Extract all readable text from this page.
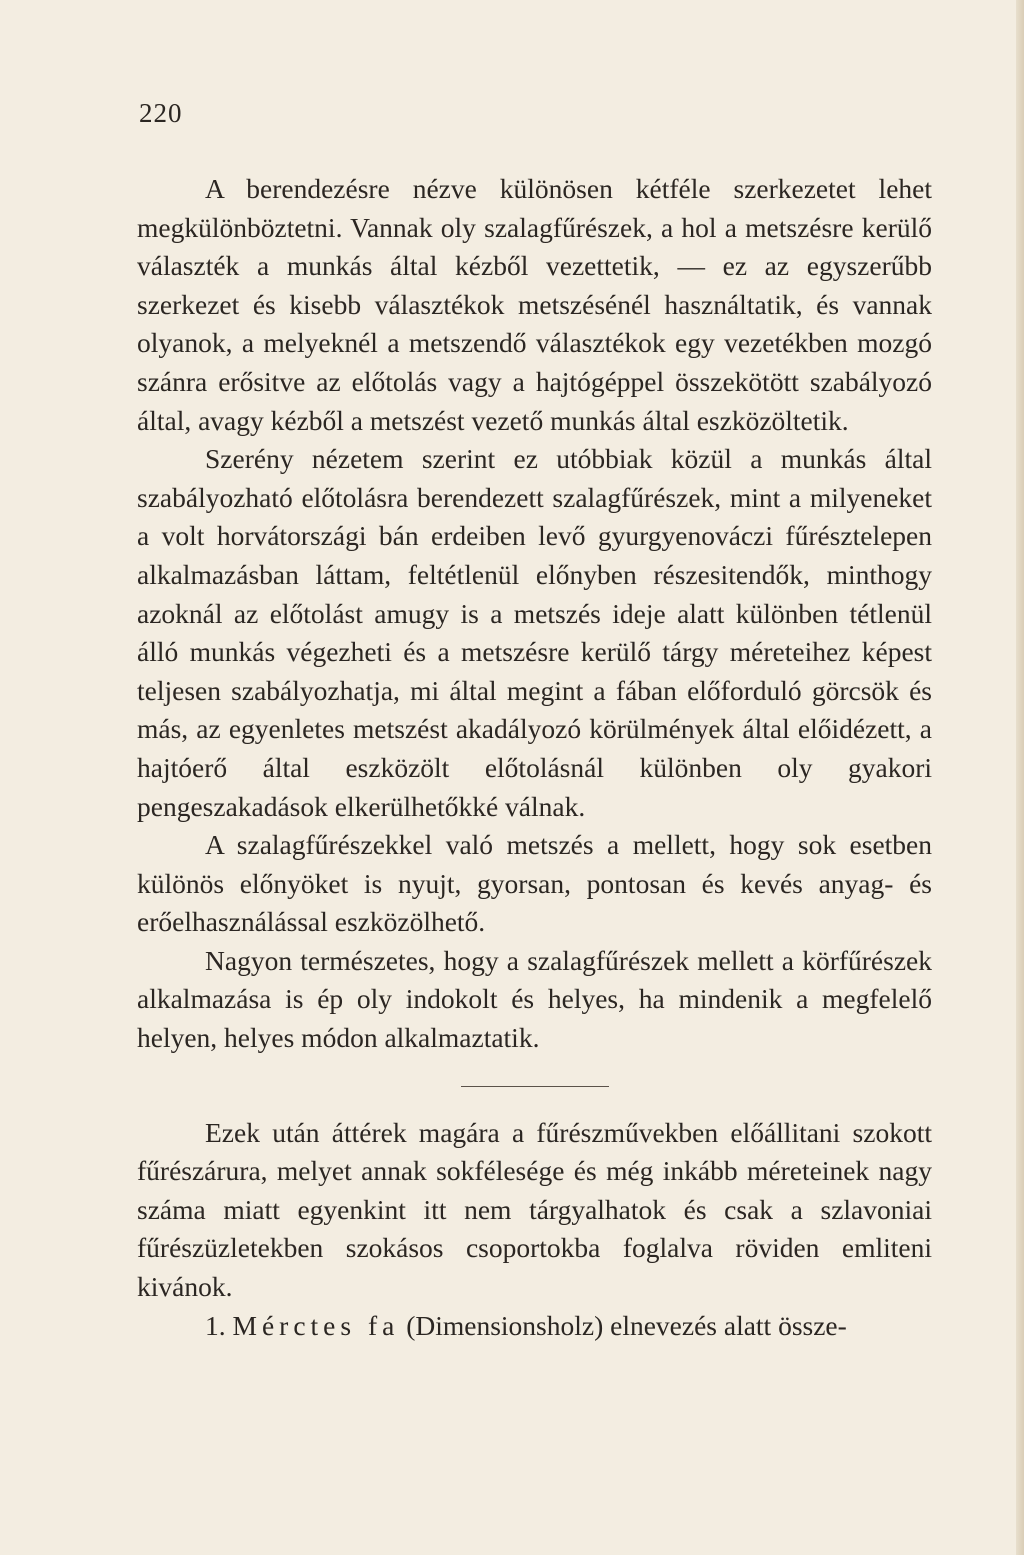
220

A berendezésre nézve különösen kétféle szerkezetet lehet megkülönböztetni. Vannak oly szalagfűrészek, a hol a metszésre kerülő választék a munkás által kézből vezettetik, — ez az egyszerűbb szerkezet és kisebb választékok metszésénél használtatik, és vannak olyanok, a melyeknél a metszendő választékok egy vezetékben mozgó szánra erősitve az előtolás vagy a hajtógéppel összekötött szabályozó által, avagy kézből a metszést vezető munkás által eszközöltetik.

Szerény nézetem szerint ez utóbbiak közül a munkás által szabályozható előtolásra berendezett szalagfűrészek, mint a milyeneket a volt horvátországi bán erdeiben levő gyurgyenováczi fűrésztelepen alkalmazásban láttam, feltétlenül előnyben részesitendők, minthogy azoknál az előtolást amugy is a metszés ideje alatt különben tétlenül álló munkás végezheti és a metszésre kerülő tárgy méreteihez képest teljesen szabályozhatja, mi által megint a fában előforduló görcsök és más, az egyenletes metszést akadályozó körülmények által előidézett, a hajtóerő által eszközölt előtolásnál különben oly gyakori pengeszakadások elkerülhetőkké válnak.

A szalagfűrészekkel való metszés a mellett, hogy sok esetben különös előnyöket is nyujt, gyorsan, pontosan és kevés anyag- és erőelhasználással eszközölhető.

Nagyon természetes, hogy a szalagfűrészek mellett a körfűrészek alkalmazása is ép oly indokolt és helyes, ha mindenik a megfelelő helyen, helyes módon alkalmaztatik.

Ezek után áttérek magára a fűrészművekben előállitani szokott fűrészárura, melyet annak sokfélesége és még inkább méreteinek nagy száma miatt egyenkint itt nem tárgyalhatok és csak a szlavoniai fűrészüzletekben szokásos csoportokba foglalva röviden emliteni kivánok.

1. Mérctes fa (Dimensionsholz) elnevezés alatt össze-
